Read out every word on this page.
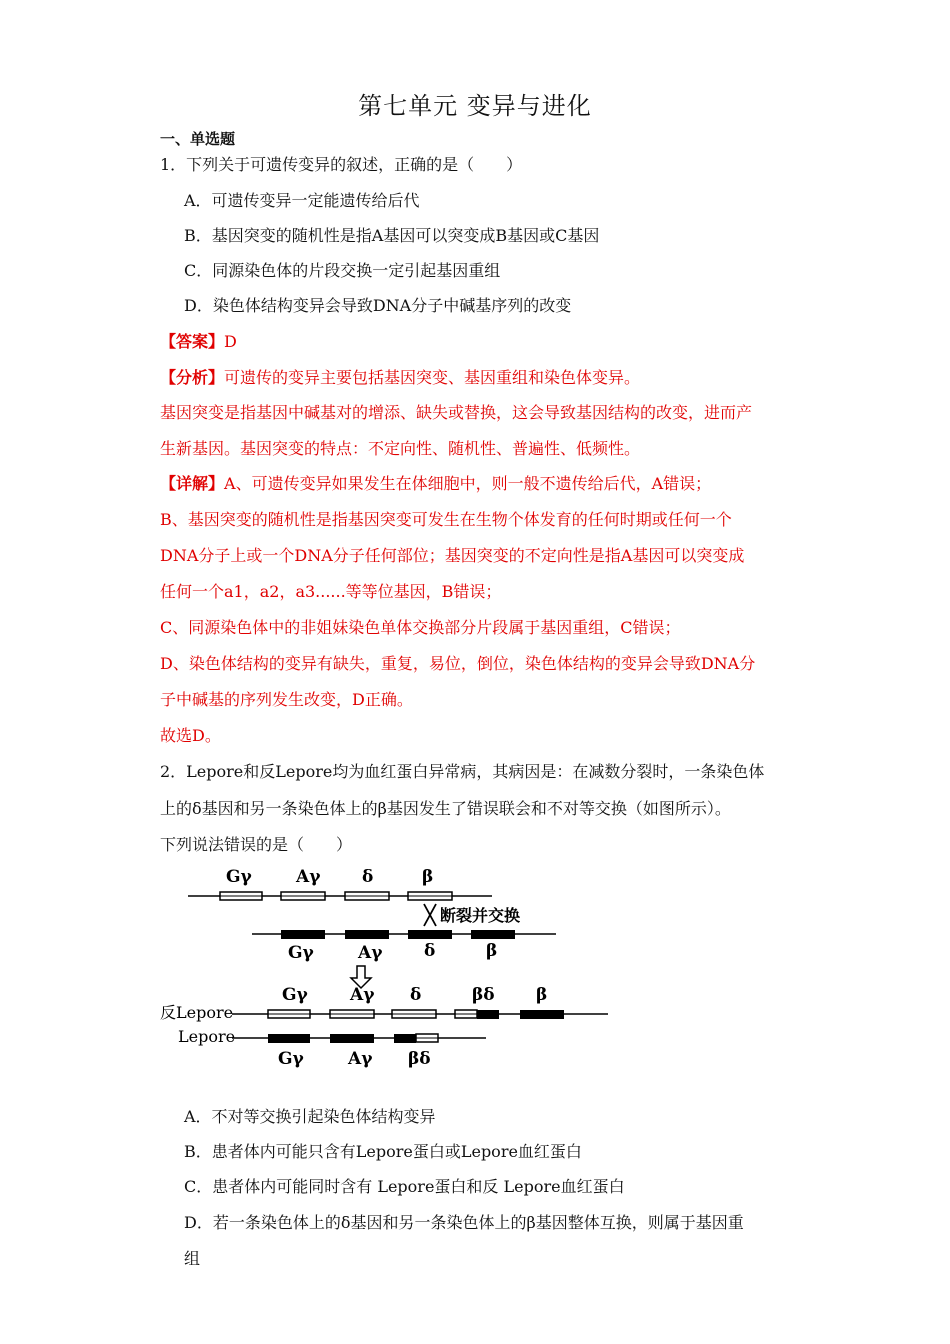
第七单元 变异与进化
一、单选题
1．下列关于可遗传变异的叙述，正确的是（　　）
A．可遗传变异一定能遗传给后代
B．基因突变的随机性是指A基因可以突变成B基因或C基因
C．同源染色体的片段交换一定引起基因重组
D．染色体结构变异会导致DNA分子中碱基序列的改变
【答案】D
【分析】可遗传的变异主要包括基因突变、基因重组和染色体变异。
基因突变是指基因中碱基对的增添、缺失或替换，这会导致基因结构的改变，进而产
生新基因。基因突变的特点：不定向性、随机性、普遍性、低频性。
【详解】A、可遗传变异如果发生在体细胞中，则一般不遗传给后代，A错误；
B、基因突变的随机性是指基因突变可发生在生物个体发育的任何时期或任何一个
DNA分子上或一个DNA分子任何部位；基因突变的不定向性是指A基因可以突变成
任何一个a1，a2，a3......等等位基因，B错误；
C、同源染色体中的非姐妹染色单体交换部分片段属于基因重组，C错误；
D、染色体结构的变异有缺失，重复，易位，倒位，染色体结构的变异会导致DNA分
子中碱基的序列发生改变，D正确。
故选D。
2．Lepore和反Lepore均为血红蛋白异常病，其病因是：在减数分裂时，一条染色体
上的δ基因和另一条染色体上的β基因发生了错误联会和不对等交换（如图所示）。
下列说法错误的是（　　）
Gγ	Aγ δ	β
断裂并交换
Gγ	Aγ δ	β
反Lepore
Gγ Aγ δ	βδ β
Lepore
Gγ	Aγ βδ
A．不对等交换引起染色体结构变异
B．患者体内可能只含有Lepore蛋白或Lepore血红蛋白
C．患者体内可能同时含有 Lepore蛋白和反 Lepore血红蛋白
D．若一条染色体上的δ基因和另一条染色体上的β基因整体互换，则属于基因重
组
